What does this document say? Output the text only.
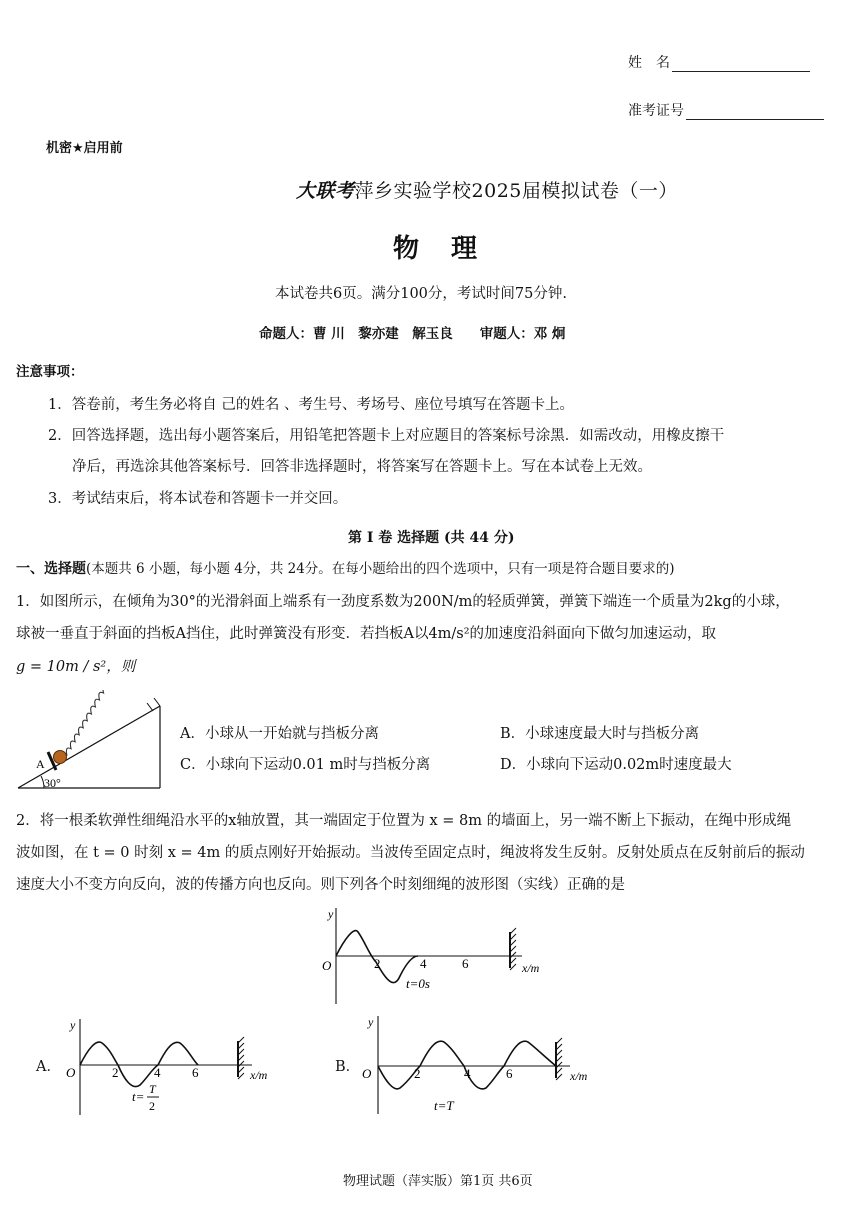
姓　名
准考证号
机密★启用前
大联考萍乡实验学校2025届模拟试卷（一）
物理
本试卷共6页。满分100分，考试时间75分钟.
命题人：曹 川　黎亦建　解玉良　　审题人：邓 炯
注意事项：
1．答卷前，考生务必将自 己的姓名 、考生号、考场号、座位号填写在答题卡上。
2．回答选择题，选出每小题答案后，用铅笔把答题卡上对应题目的答案标号涂黑．如需改动，用橡皮擦干
净后，再选涂其他答案标号．回答非选择题时，将答案写在答题卡上。写在本试卷上无效。
3．考试结束后，将本试卷和答题卡一并交回。
第 I 卷 选择题 (共 44 分)
一、选择题(本题共 6 小题，每小题 4分，共 24分。在每小题给出的四个选项中，只有一项是符合题目要求的)
1．如图所示，在倾角为30°的光滑斜面上端系有一劲度系数为200N/m的轻质弹簧，弹簧下端连一个质量为2kg的小球，
球被一垂直于斜面的挡板A挡住，此时弹簧没有形变．若挡板A以4m/s²的加速度沿斜面向下做匀加速运动，取
g = 10m / s²，则
A
30°
A．小球从一开始就与挡板分离	B．小球速度最大时与挡板分离
C．小球向下运动0.01 m时与挡板分离	D．小球向下运动0.02m时速度最大
2．将一根柔软弹性细绳沿水平的x轴放置，其一端固定于位置为 x = 8m 的墙面上，另一端不断上下振动，在绳中形成绳
波如图，在 t = 0 时刻 x = 4m 的质点刚好开始振动。当波传至固定点时，绳波将发生反射。反射处质点在反射前后的振动
速度大小不变方向反向，波的传播方向也反向。则下列各个时刻细绳的波形图（实线）正确的是
y
O	2	4	6	x/m
t=0s
A．
y
O	2	4 6	x/m
t= T
2
B．
y
O	2	4	6	x/m
t=T
物理试题（萍实版）第1页 共6页
